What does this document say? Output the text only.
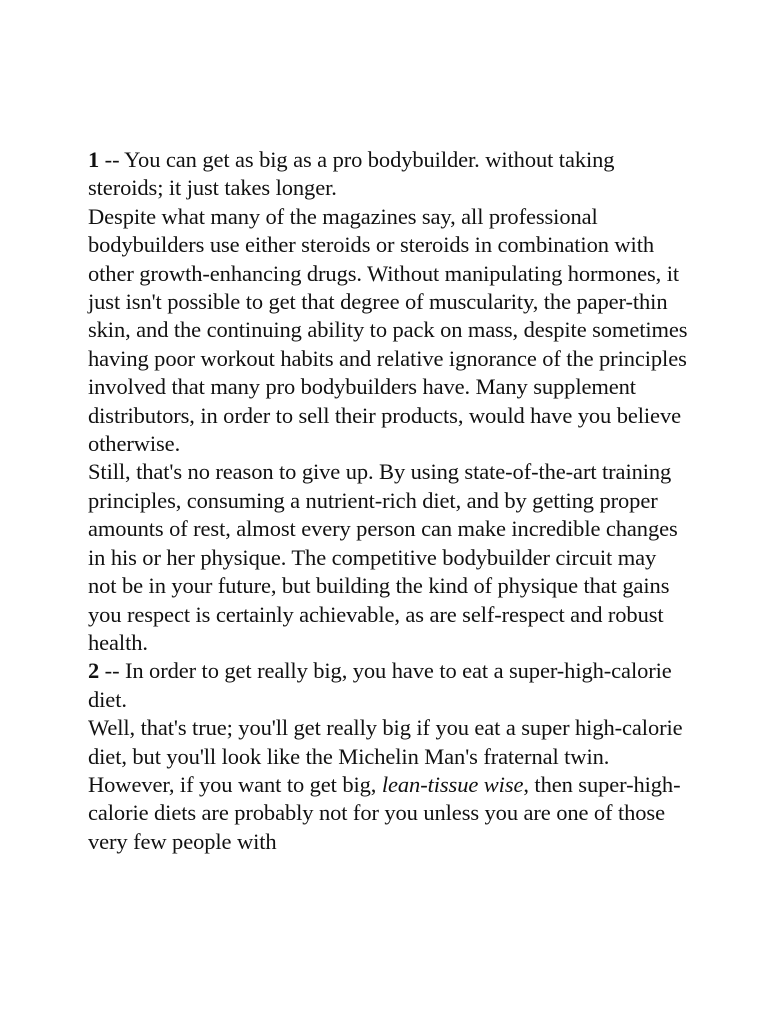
1 -- You can get as big as a pro bodybuilder. without taking steroids; it just takes longer.

Despite what many of the magazines say, all professional bodybuilders use either steroids or steroids in combination with other growth-enhancing drugs. Without manipulating hormones, it just isn't possible to get that degree of muscularity, the paper-thin skin, and the continuing ability to pack on mass, despite sometimes having poor workout habits and relative ignorance of the principles involved that many pro bodybuilders have. Many supplement distributors, in order to sell their products, would have you believe otherwise.

Still, that's no reason to give up. By using state-of-the-art training principles, consuming a nutrient-rich diet, and by getting proper amounts of rest, almost every person can make incredible changes in his or her physique. The competitive bodybuilder circuit may not be in your future, but building the kind of physique that gains you respect is certainly achievable, as are self-respect and robust health.

2 -- In order to get really big, you have to eat a super-high-calorie diet.

Well, that's true; you'll get really big if you eat a super high-calorie diet, but you'll look like the Michelin Man's fraternal twin. However, if you want to get big, lean-tissue wise, then super-high-calorie diets are probably not for you unless you are one of those very few people with
